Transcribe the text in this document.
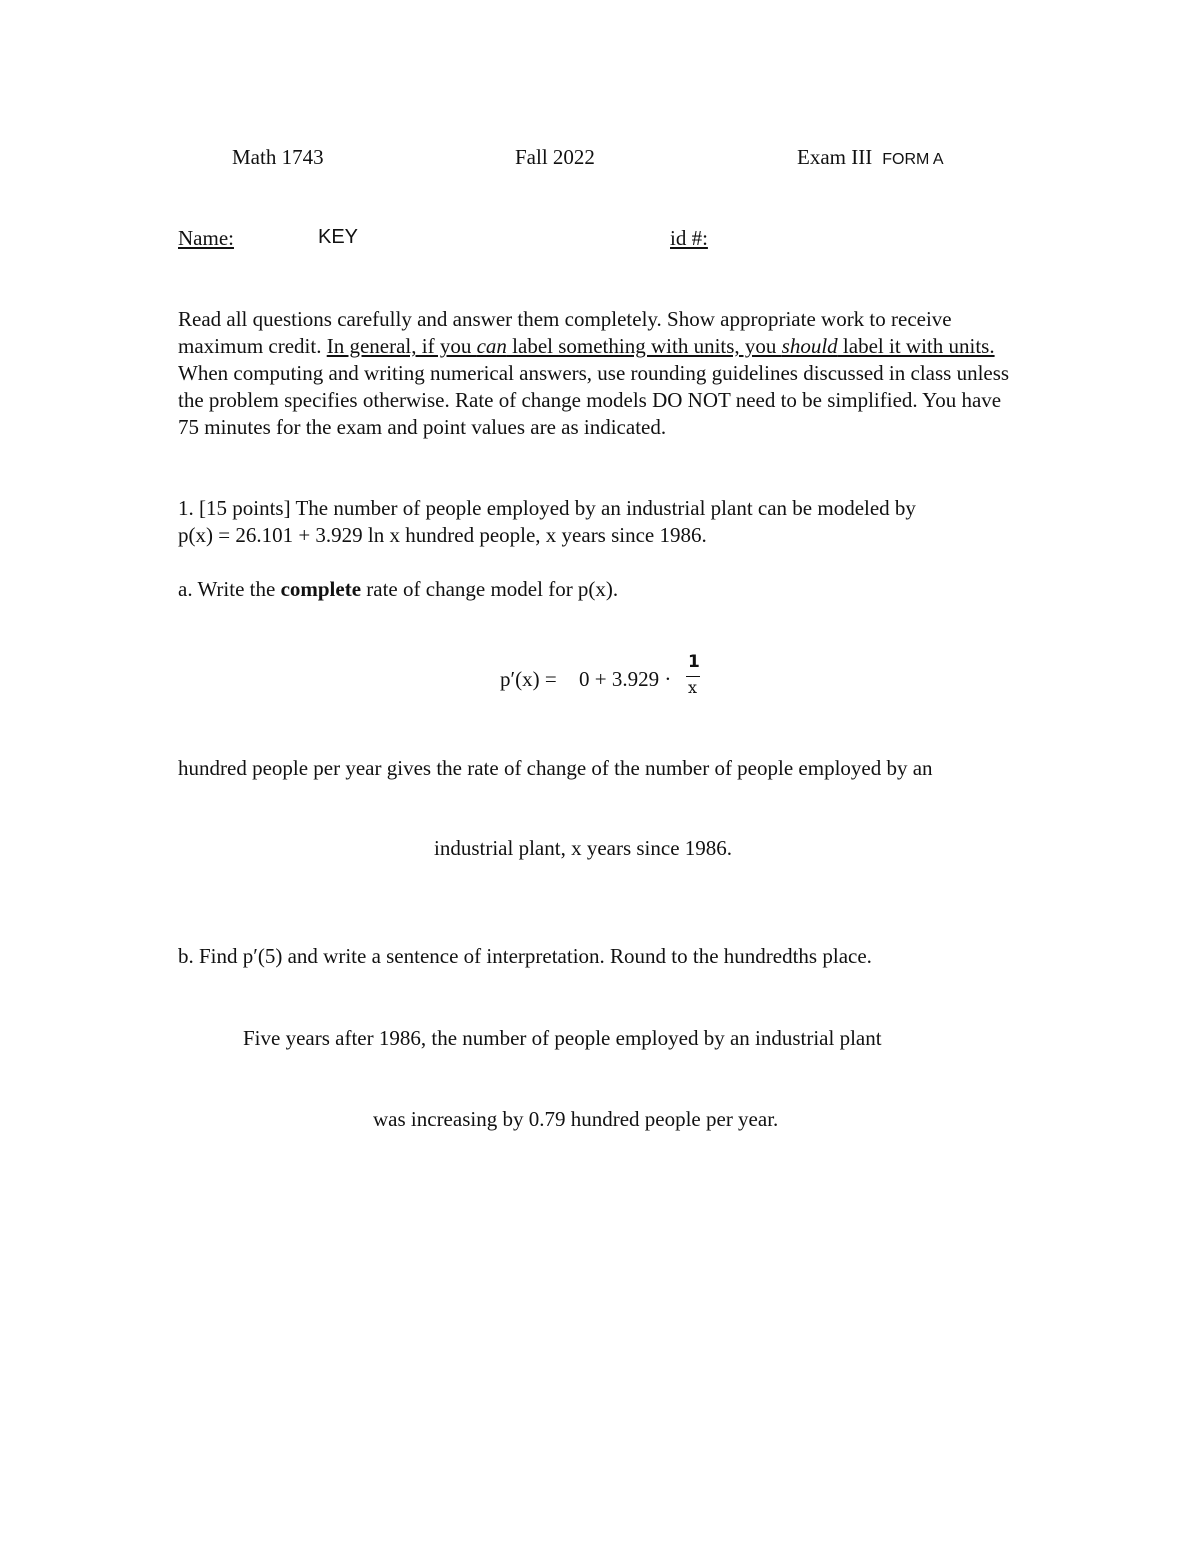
Math 1743	Fall 2022	Exam III FORM A
Name:	KEY	id #:

Read all questions carefully and answer them completely. Show appropriate work to receive maximum credit. In general, if you can label something with units, you should label it with units. When computing and writing numerical answers, use rounding guidelines discussed in class unless the problem specifies otherwise. Rate of change models DO NOT need to be simplified. You have 75 minutes for the exam and point values are as indicated.

1. [15 points] The number of people employed by an industrial plant can be modeled by

p(x) = 26.101 + 3.929 ln x hundred people, x years since 1986.

a. Write the complete rate of change model for p(x).
p′(x) = 0 + 3.929 ·
1
x
hundred people per year gives the rate of change of the number of people employed by an
industrial plant, x years since 1986.
b. Find p′(5) and write a sentence of interpretation. Round to the hundredths place.
Five years after 1986, the number of people employed by an industrial plant
was increasing by 0.79 hundred people per year.
